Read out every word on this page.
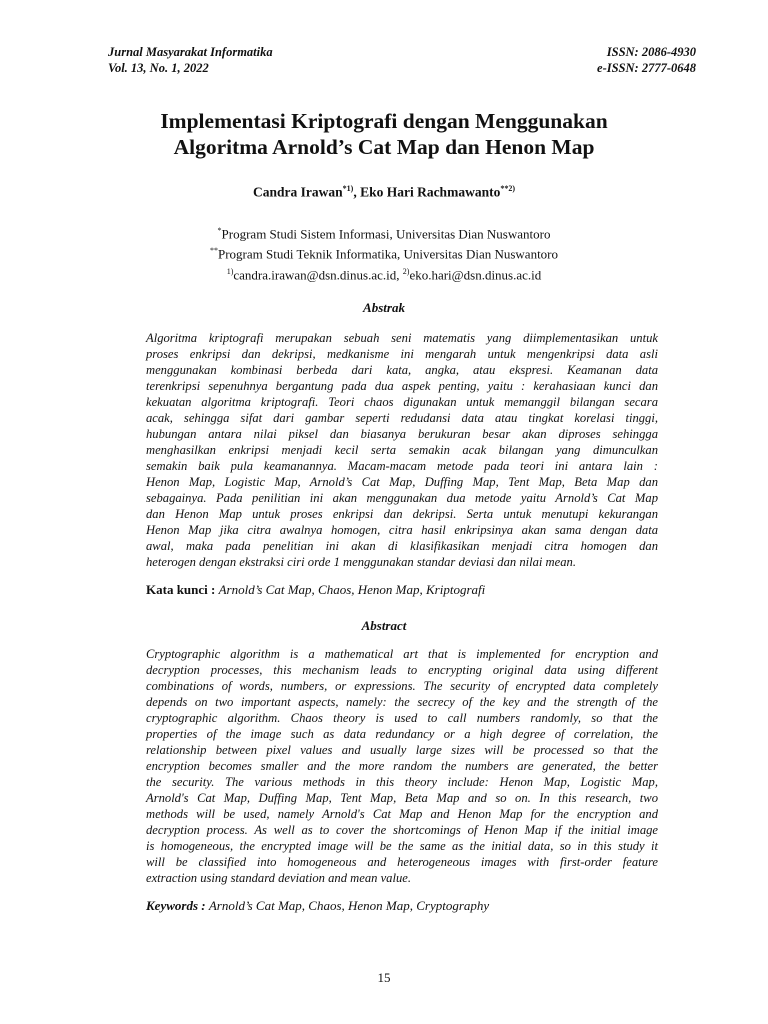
Jurnal Masyarakat Informatika	ISSN: 2086-4930
Vol. 13, No. 1, 2022	e-ISSN: 2777-0648
Implementasi Kriptografi dengan Menggunakan
Algoritma Arnold’s Cat Map dan Henon Map
Candra Irawan$^{*1)}$, Eko Hari Rachmawanto$^{**2)}$
*Program Studi Sistem Informasi, Universitas Dian Nuswantoro
**Program Studi Teknik Informatika, Universitas Dian Nuswantoro
$^{1)}$candra.irawan@dsn.dinus.ac.id, $^{2)}$eko.hari@dsn.dinus.ac.id
Abstrak
Algoritma kriptografi merupakan sebuah seni matematis yang diimplementasikan untuk
proses enkripsi dan dekripsi, medkanisme ini mengarah untuk mengenkripsi data asli
menggunakan kombinasi berbeda dari kata, angka, atau ekspresi. Keamanan data
terenkripsi sepenuhnya bergantung pada dua aspek penting, yaitu : kerahasiaan kunci dan
kekuatan algoritma kriptografi. Teori chaos digunakan untuk memanggil bilangan secara
acak, sehingga sifat dari gambar seperti redudansi data atau tingkat korelasi tinggi,
hubungan antara nilai piksel dan biasanya berukuran besar akan diproses sehingga
menghasilkan enkripsi menjadi kecil serta semakin acak bilangan yang dimunculkan
semakin baik pula keamanannya. Macam-macam metode pada teori ini antara lain :
Henon Map, Logistic Map, Arnold’s Cat Map, Duffing Map, Tent Map, Beta Map dan
sebagainya. Pada penilitian ini akan menggunakan dua metode yaitu Arnold’s Cat Map
dan Henon Map untuk proses enkripsi dan dekripsi. Serta untuk menutupi kekurangan
Henon Map jika citra awalnya homogen, citra hasil enkripsinya akan sama dengan data
awal, maka pada penelitian ini akan di klasifikasikan menjadi citra homogen dan
heterogen dengan ekstraksi ciri orde 1 menggunakan standar deviasi dan nilai mean.
Kata kunci : Arnold’s Cat Map, Chaos, Henon Map, Kriptografi
Abstract
Cryptographic algorithm is a mathematical art that is implemented for encryption and
decryption processes, this mechanism leads to encrypting original data using different
combinations of words, numbers, or expressions. The security of encrypted data completely
depends on two important aspects, namely: the secrecy of the key and the strength of the
cryptographic algorithm. Chaos theory is used to call numbers randomly, so that the
properties of the image such as data redundancy or a high degree of correlation, the
relationship between pixel values and usually large sizes will be processed so that the
encryption becomes smaller and the more random the numbers are generated, the better
the security. The various methods in this theory include: Henon Map, Logistic Map,
Arnold's Cat Map, Duffing Map, Tent Map, Beta Map and so on. In this research, two
methods will be used, namely Arnold's Cat Map and Henon Map for the encryption and
decryption process. As well as to cover the shortcomings of Henon Map if the initial image
is homogeneous, the encrypted image will be the same as the initial data, so in this study it
will be classified into homogeneous and heterogeneous images with first-order feature
extraction using standard deviation and mean value.
Keywords : Arnold’s Cat Map, Chaos, Henon Map, Cryptography
15
